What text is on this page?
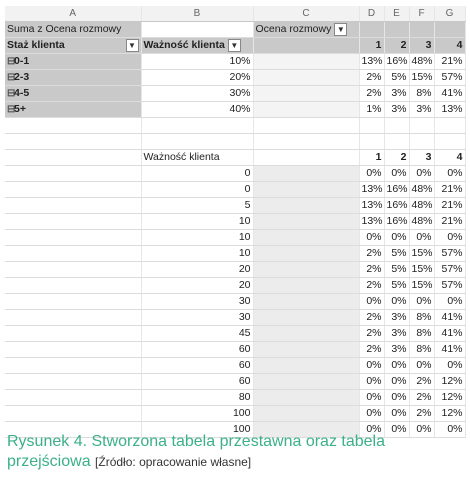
A	B	C	D	E	F	G	
Suma z Ocena rozmowy		Ocena rozmowy ▼					
Staż klienta ▼	Ważność klienta ▼		1	2	3	4	
⊟0-1	10%		13%	16%	48%	21%	
⊟2-3	20%		2%	5%	15%	57%	
⊟4-5	30%		2%	3%	8%	41%	
⊟5+	40%		1%	3%	3%	13%	

	Ważność klienta		1	2	3	4	
	0		0%	0%	0%	0%	
	0		13%	16%	48%	21%	
	5		13%	16%	48%	21%	
	10		13%	16%	48%	21%	
	10		0%	0%	0%	0%	
	10		2%	5%	15%	57%	
	20		2%	5%	15%	57%	
	20		2%	5%	15%	57%	
	30		0%	0%	0%	0%	
	30		2%	3%	8%	41%	
	45		2%	3%	8%	41%	
	60		2%	3%	8%	41%	
	60		0%	0%	0%	0%	
	60		0%	0%	2%	12%	
	80		0%	0%	2%	12%	
	100		0%	0%	2%	12%	
	100		0%	0%	0%	0%	
Rysunek 4. Stworzona tabela przestawna oraz tabela przejściowa [Źródło: opracowanie własne]
